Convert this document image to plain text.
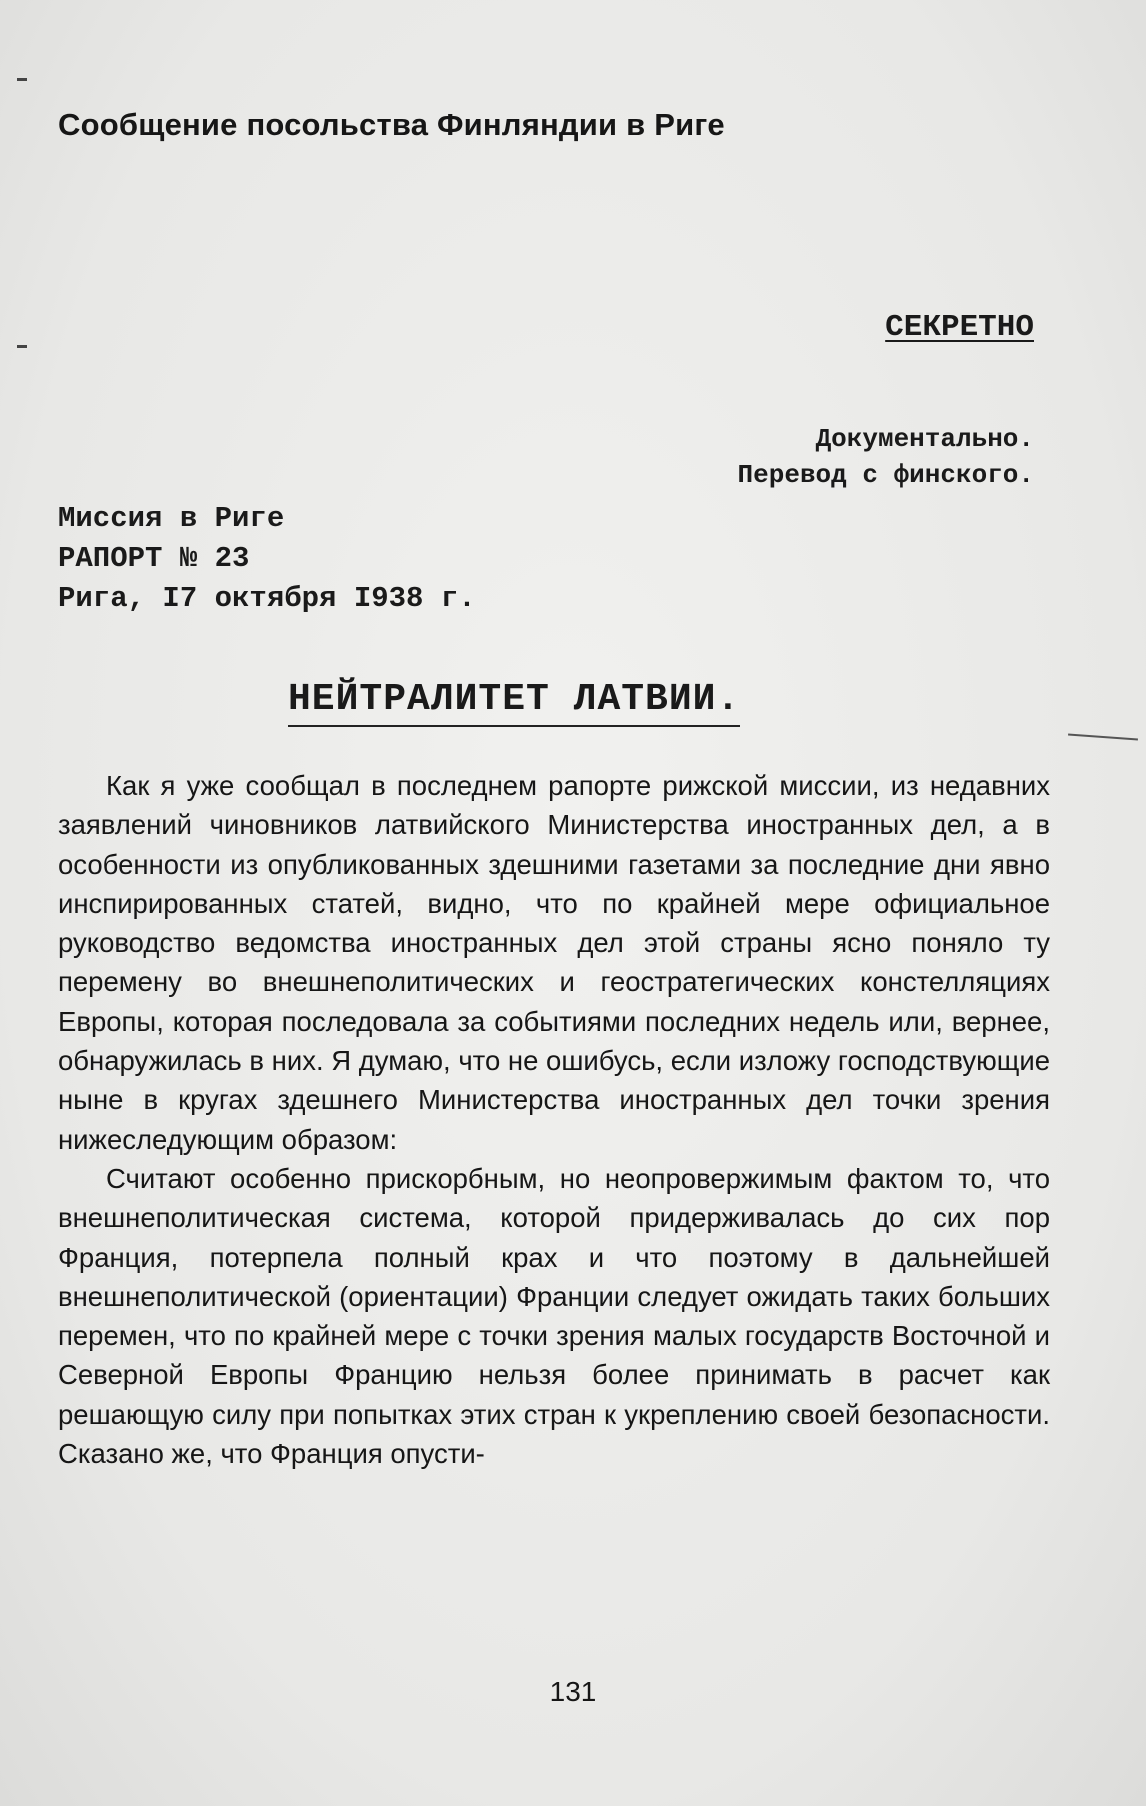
Сообщение посольства Финляндии в Риге
СЕКРЕТНО
Документально.
Перевод с финского.
Миссия в Риге
РАПОРТ № 23
Рига, I7 октября I938 г.
НЕЙТРАЛИТЕТ ЛАТВИИ.

Как я уже сообщал в последнем рапорте рижской миссии, из недавних заявлений чиновников латвийского Министерства иностранных дел, а в особенности из опубликованных здешними газетами за последние дни явно инспирированных статей, видно, что по крайней мере официальное руководство ведомства иностранных дел этой страны ясно поняло ту перемену во внешнеполитических и геостратегических констелляциях Европы, которая последовала за событиями последних недель или, вернее, обнаружилась в них. Я думаю, что не ошибусь, если изложу господствующие ныне в кругах здешнего Министерства иностранных дел точки зрения нижеследующим образом:

Считают особенно прискорбным, но неопровержимым фактом то, что внешнеполитическая система, которой придерживалась до сих пор Франция, потерпела полный крах и что поэтому в дальнейшей внешнеполитической (ориентации) Франции следует ожидать таких больших перемен, что по крайней мере с точки зрения малых государств Восточной и Северной Европы Францию нельзя более принимать в расчет как решающую силу при попытках этих стран к укреплению своей безопасности. Сказано же, что Франция опусти-

131
